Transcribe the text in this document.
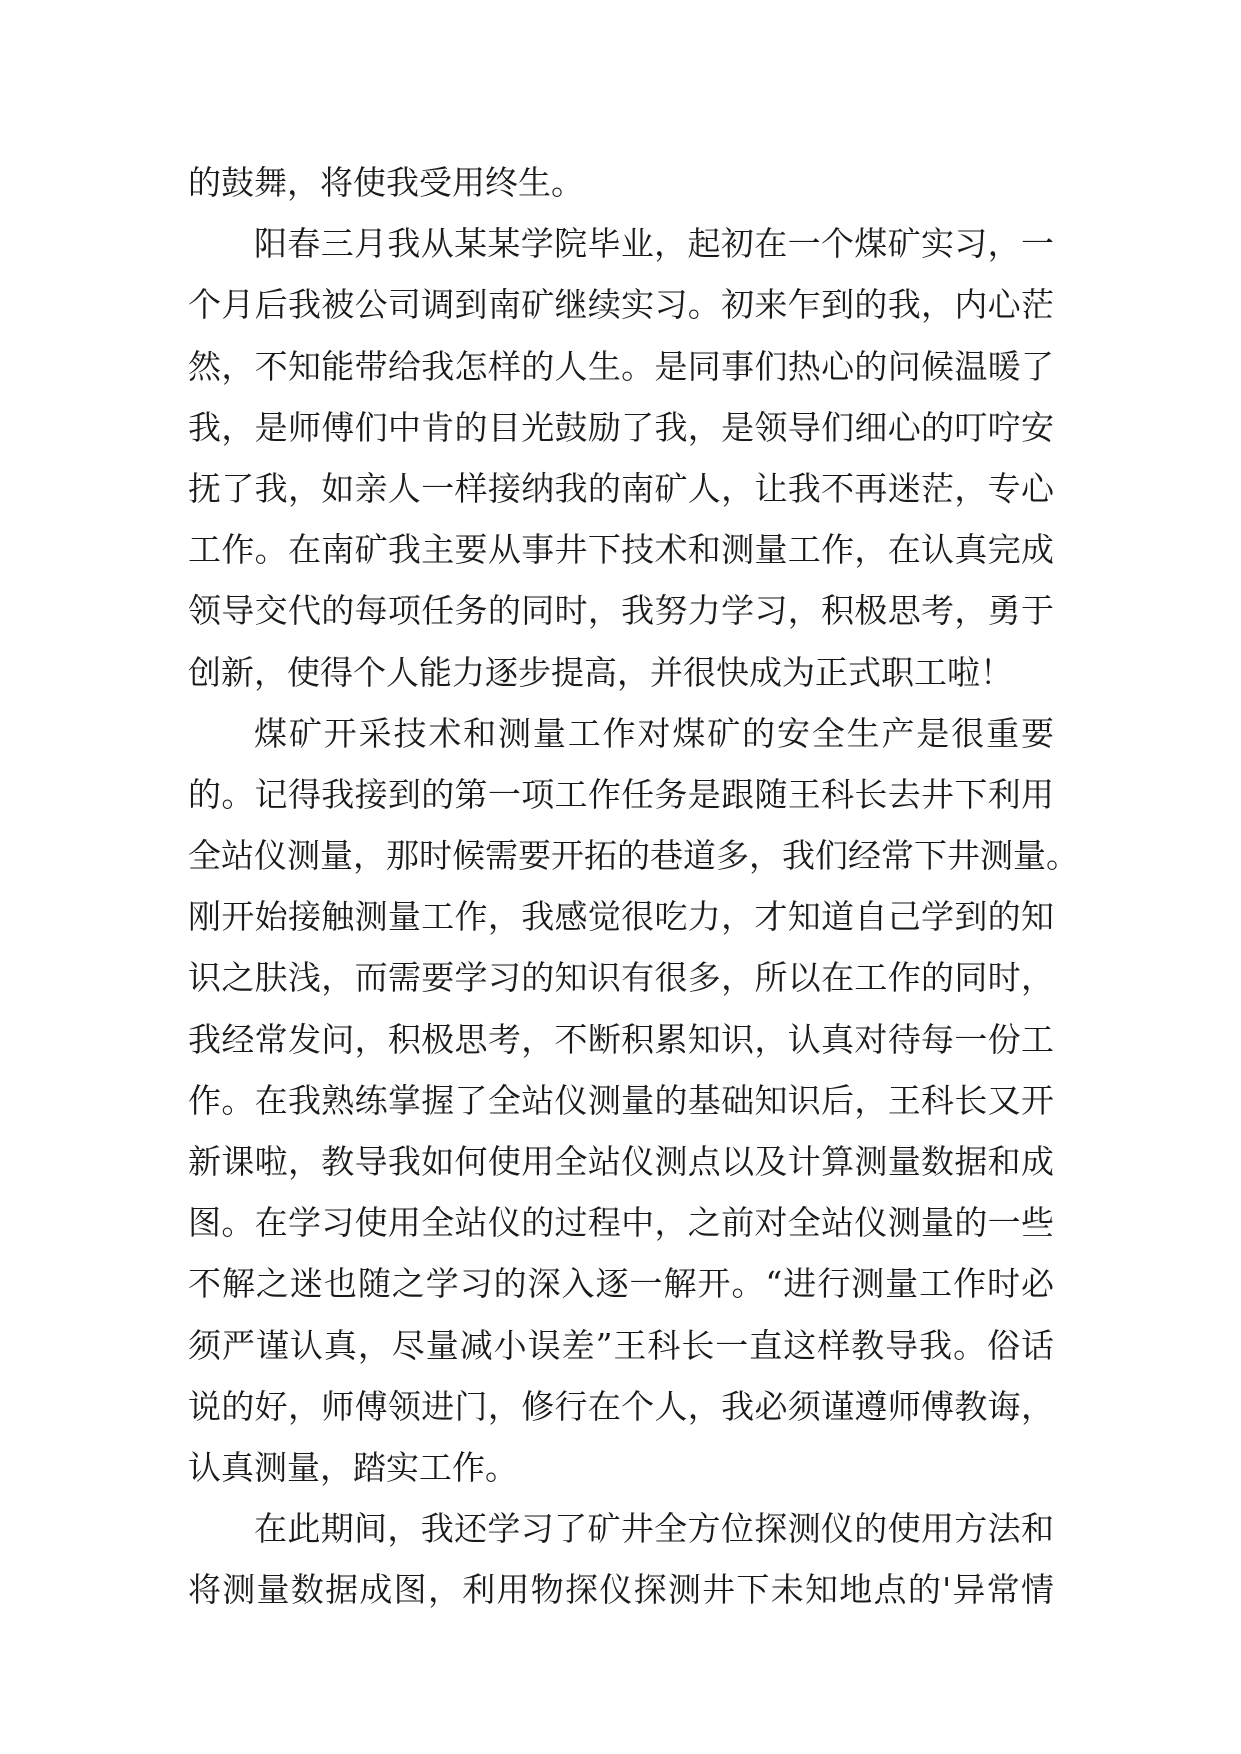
的鼓舞，将使我受用终生。
阳春三月我从某某学院毕业，起初在一个煤矿实习，一
个月后我被公司调到南矿继续实习。初来乍到的我，内心茫
然，不知能带给我怎样的人生。是同事们热心的问候温暖了
我，是师傅们中肯的目光鼓励了我，是领导们细心的叮咛安
抚了我，如亲人一样接纳我的南矿人，让我不再迷茫，专心
工作。在南矿我主要从事井下技术和测量工作，在认真完成
领导交代的每项任务的同时，我努力学习，积极思考，勇于
创新，使得个人能力逐步提高，并很快成为正式职工啦！
煤矿开采技术和测量工作对煤矿的安全生产是很重要
的。记得我接到的第一项工作任务是跟随王科长去井下利用
全站仪测量，那时候需要开拓的巷道多，我们经常下井测量。
刚开始接触测量工作，我感觉很吃力，才知道自己学到的知
识之肤浅，而需要学习的知识有很多，所以在工作的同时，
我经常发问，积极思考，不断积累知识，认真对待每一份工
作。在我熟练掌握了全站仪测量的基础知识后，王科长又开
新课啦，教导我如何使用全站仪测点以及计算测量数据和成
图。在学习使用全站仪的过程中，之前对全站仪测量的一些
不解之迷也随之学习的深入逐一解开。“进行测量工作时必
须严谨认真，尽量减小误差”王科长一直这样教导我。俗话
说的好，师傅领进门，修行在个人，我必须谨遵师傅教诲，
认真测量，踏实工作。
在此期间，我还学习了矿井全方位探测仪的使用方法和
将测量数据成图，利用物探仪探测井下未知地点的'异常情
